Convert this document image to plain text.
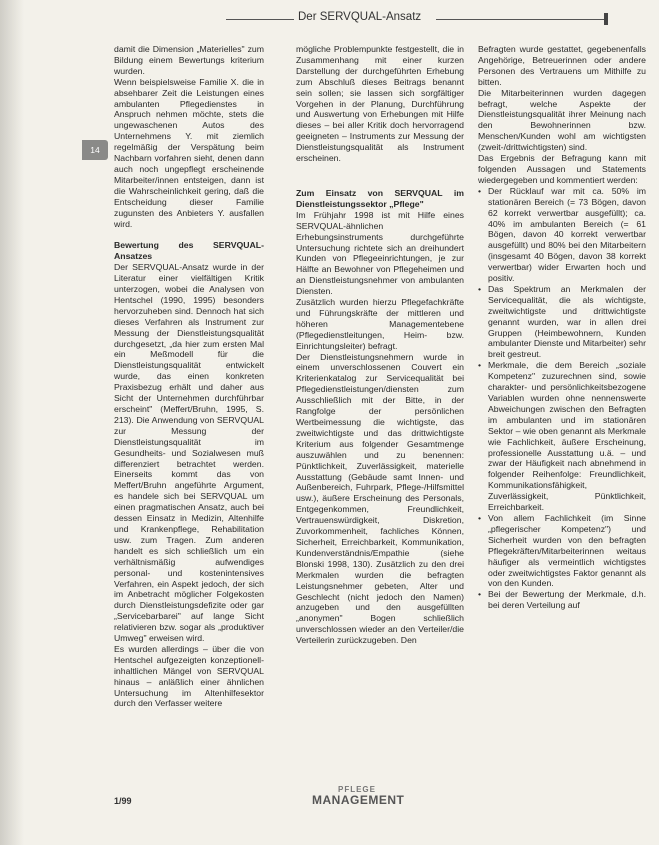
Der SERVQUAL-Ansatz
14

damit die Dimension „Materielles" zum Bildung einem Bewertungs kriterium wurden.

Wenn beispielsweise Familie X. die in absehbarer Zeit die Leistungen eines ambulanten Pflegedienstes in Anspruch nehmen möchte, stets die ungewaschenen Autos des Unternehmens Y. mit ziemlich regelmäßig der Verspätung beim Nachbarn vorfahren sieht, denen dann auch noch ungepflegt erscheinende Mitarbeiter/innen entsteigen, dann ist die Wahrscheinlichkeit gering, daß die Entscheidung dieser Familie zugunsten des Anbieters Y. ausfallen wird.

Bewertung des SERVQUAL-Ansatzes

Der SERVQUAL-Ansatz wurde in der Literatur einer vielfältigen Kritik unterzogen, wobei die Analysen von Hentschel (1990, 1995) besonders hervorzuheben sind. Dennoch hat sich dieses Verfahren als Instrument zur Messung der Dienstleistungsqualität durchgesetzt, „da hier zum ersten Mal ein Meßmodell für die Dienstleistungsqualität entwickelt wurde, das einen konkreten Praxisbezug erhält und daher aus Sicht der Unternehmen durchführbar erscheint" (Meffert/Bruhn, 1995, S. 213). Die Anwendung von SERVQUAL zur Messung der Dienstleistungsqualität im Gesundheits- und Sozialwesen muß differenziert betrachtet werden. Einerseits kommt das von Meffert/Bruhn angeführte Argument, es handele sich bei SERVQUAL um einen pragmatischen Ansatz, auch bei dessen Einsatz in Medizin, Altenhilfe und Krankenpflege, Rehabilitation usw. zum Tragen. Zum anderen handelt es sich schließlich um ein verhältnismäßig aufwendiges personal- und kostenintensives Verfahren, ein Aspekt jedoch, der sich im Anbetracht möglicher Folgekosten durch Dienstleistungsdefizite oder gar „Servicebarbarei" auf lange Sicht relativieren bzw. sogar als „produktiver Umweg" erweisen wird.

Es wurden allerdings – über die von Hentschel aufgezeigten konzeptionell-inhaltlichen Mängel von SERVQUAL hinaus – anläßlich einer ähnlichen Untersuchung im Altenhilfesektor durch den Verfasser weitere

mögliche Problempunkte festgestellt, die in Zusammenhang mit einer kurzen Darstellung der durchgeführten Erhebung zum Abschluß dieses Beitrags benannt sein sollen; sie lassen sich sorgfältiger Vorgehen in der Planung, Durchführung und Auswertung von Erhebungen mit Hilfe dieses – bei aller Kritik doch hervorragend geeigneten – Instruments zur Messung der Dienstleistungsqualität als Instrument erscheinen.

Zum Einsatz von SERVQUAL im Dienstleistungssektor „Pflege"

Im Frühjahr 1998 ist mit Hilfe eines SERVQUAL-ähnlichen Erhebungsinstruments durchgeführte Untersuchung richtete sich an dreihundert Kunden von Pflegeeinrichtungen, je zur Hälfte an Bewohner von Pflegeheimen und an Dienstleistungsnehmer von ambulanten Diensten.

Zusätzlich wurden hierzu Pflegefachkräfte und Führungskräfte der mittleren und höheren Managementebene (Pflegedienstleitungen, Heim- bzw. Einrichtungsleiter) befragt.

Der Dienstleistungsnehmern wurde in einem unverschlossenen Couvert ein Kriterienkatalog zur Servicequalität bei Pflegedienstleistungen/diensten zum Ausschließlich mit der Bitte, in der Rangfolge der persönlichen Wertbeimessung die wichtigste, das zweitwichtigste und das drittwichtigste Kriterium aus folgender Gesamtmenge auszuwählen und zu benennen: Pünktlichkeit, Zuverlässigkeit, materielle Ausstattung (Gebäude samt Innen- und Außenbereich, Fuhrpark, Pflege-/Hilfsmittel usw.), äußere Erscheinung des Personals, Entgegenkommen, Freundlichkeit, Vertrauenswürdigkeit, Diskretion, Zuvorkommenheit, fachliches Können, Sicherheit, Erreichbarkeit, Kommunikation, Kundenverständnis/Empathie (siehe Blonski 1998, 130). Zusätzlich zu den drei Merkmalen wurden die befragten Leistungsnehmer gebeten, Alter und Geschlecht (nicht jedoch den Namen) anzugeben und den ausgefüllten „anonymen" Bogen schließlich unverschlossen wieder an den Verteiler/die Verteilerin zurückzugeben. Den

Befragten wurde gestattet, gegebenenfalls Angehörige, Betreuerinnen oder andere Personen des Vertrauens um Mithilfe zu bitten.

Die Mitarbeiterinnen wurden dagegen befragt, welche Aspekte der Dienstleistungsqualität ihrer Meinung nach den Bewohnerinnen bzw. Menschen/Kunden wohl am wichtigsten (zweit-/drittwichtigsten) sind.

Das Ergebnis der Befragung kann mit folgenden Aussagen und Statements wiedergegeben und kommentiert werden:

• Der Rücklauf war mit ca. 50% im stationären Bereich (= 73 Bögen, davon 62 korrekt verwertbar ausgefüllt); ca. 40% im ambulanten Bereich (= 61 Bögen, davon 40 korrekt verwertbar ausgefüllt) und 80% bei den Mitarbeitern (insgesamt 40 Bögen, davon 38 korrekt verwertbar) wider Erwarten hoch und positiv.

• Das Spektrum an Merkmalen der Servicequalität, die als wichtigste, zweitwichtigste und drittwichtigste genannt wurden, war in allen drei Gruppen (Heimbewohnern, Kunden ambulanter Dienste und Mitarbeiter) sehr breit gestreut.

• Merkmale, die dem Bereich „soziale Kompetenz" zuzurechnen sind, sowie charakter- und persönlichkeitsbezogene Variablen wurden ohne nennenswerte Abweichungen zwischen den Befragten im ambulanten und im stationären Sektor – wie oben genannt als Merkmale wie Fachlichkeit, äußere Erscheinung, professionelle Ausstattung u.ä. – und zwar der Häufigkeit nach abnehmend in folgender Reihenfolge: Freundlichkeit, Kommunikationsfähigkeit, Zuverlässigkeit, Pünktlichkeit, Erreichbarkeit.

• Von allem Fachlichkeit (im Sinne „pflegerischer Kompetenz") und Sicherheit wurden von den befragten Pflegekräften/Mitarbeiterinnen weitaus häufiger als vermeintlich wichtigstes oder zweitwichtigstes Faktor genannt als von den Kunden.

• Bei der Bewertung der Merkmale, d.h. bei deren Verteilung auf

1/99
PFLEGE
MANAGEMENT
